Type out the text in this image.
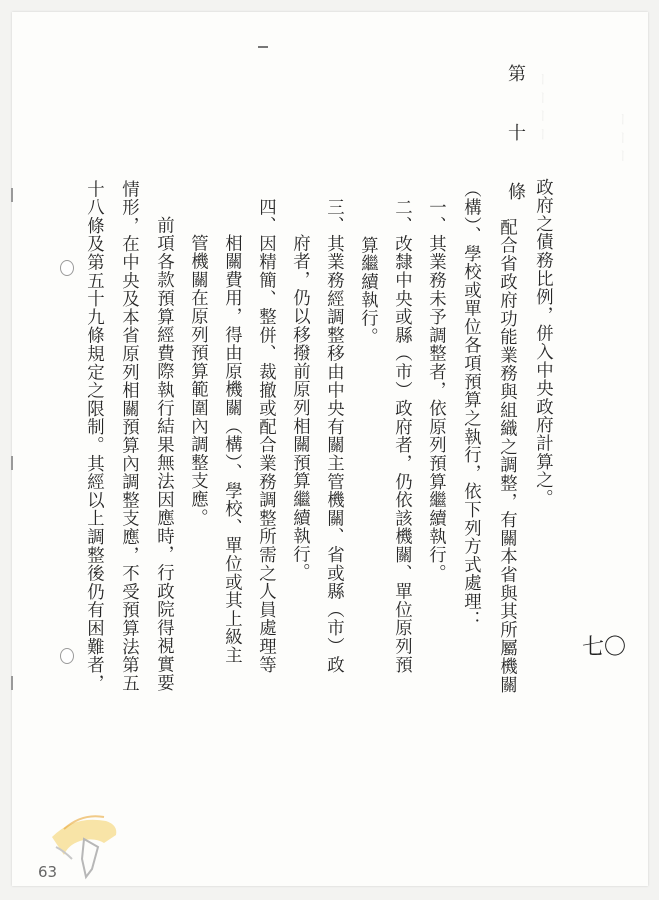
ー ー ー ー	ー ー ー
第 十 條
政府之債務比例，併入中央政府計算之。
配合省政府功能業務與組織之調整，有關本省與其所屬機關
（構）、學校或單位各項預算之執行，依下列方式處理：
一、其業務未予調整者，依原列預算繼續執行。
二、改隸中央或縣（市）政府者，仍依該機關、單位原列預
算繼續執行。
三、其業務經調整移由中央有關主管機關、省或縣（市）政
府者，仍以移撥前原列相關預算繼續執行。
四、因精簡、整併、裁撤或配合業務調整所需之人員處理等
相關費用，得由原機關（構）、學校、單位或其上級主
管機關在原列預算範圍內調整支應。
前項各款預算經費際執行結果無法因應時，行政院得視實要
情形，在中央及本省原列相關預算內調整支應，不受預算法第五
十八條及第五十九條規定之限制。其經以上調整後仍有困難者，	七〇
63
